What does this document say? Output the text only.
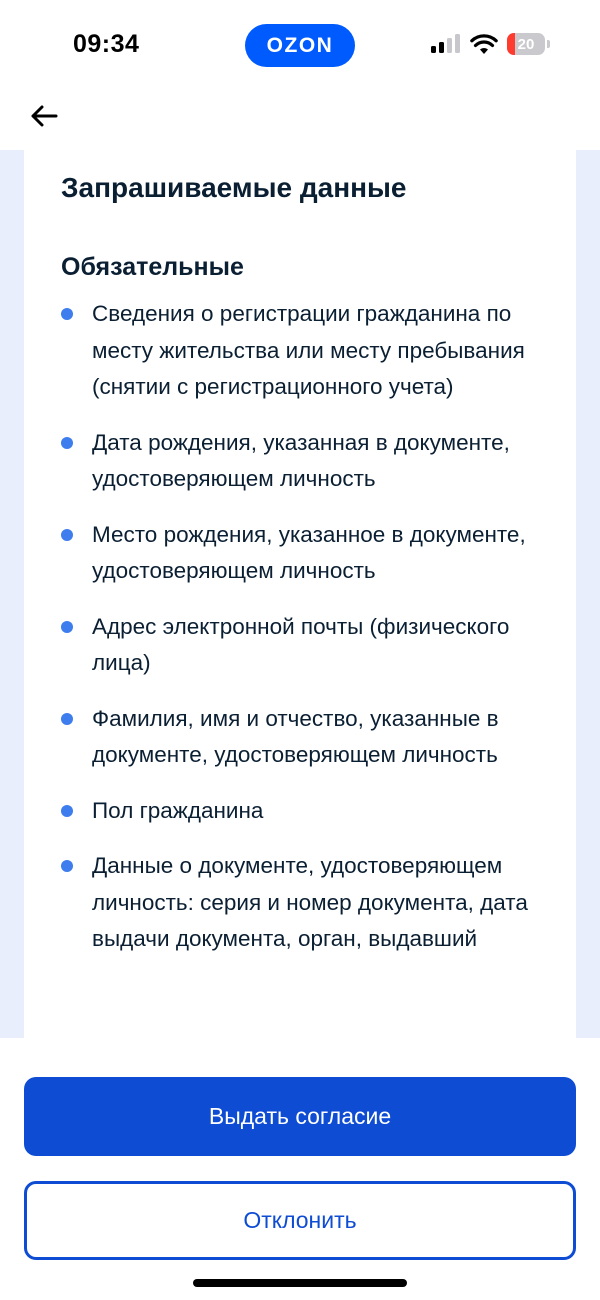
09:34	OZON	20
Запрашиваемые данные
Обязательные
Сведения о регистрации гражданина по месту жительства или месту пребывания (снятии с регистрационного учета)
Дата рождения, указанная в документе, удостоверяющем личность
Место рождения, указанное в документе, удостоверяющем личность
Адрес электронной почты (физического лица)
Фамилия, имя и отчество, указанные в документе, удостоверяющем личность
Пол гражданина
Данные о документе, удостоверяющем личность: серия и номер документа, дата выдачи документа, орган, выдавший
Выдать согласие
Отклонить
